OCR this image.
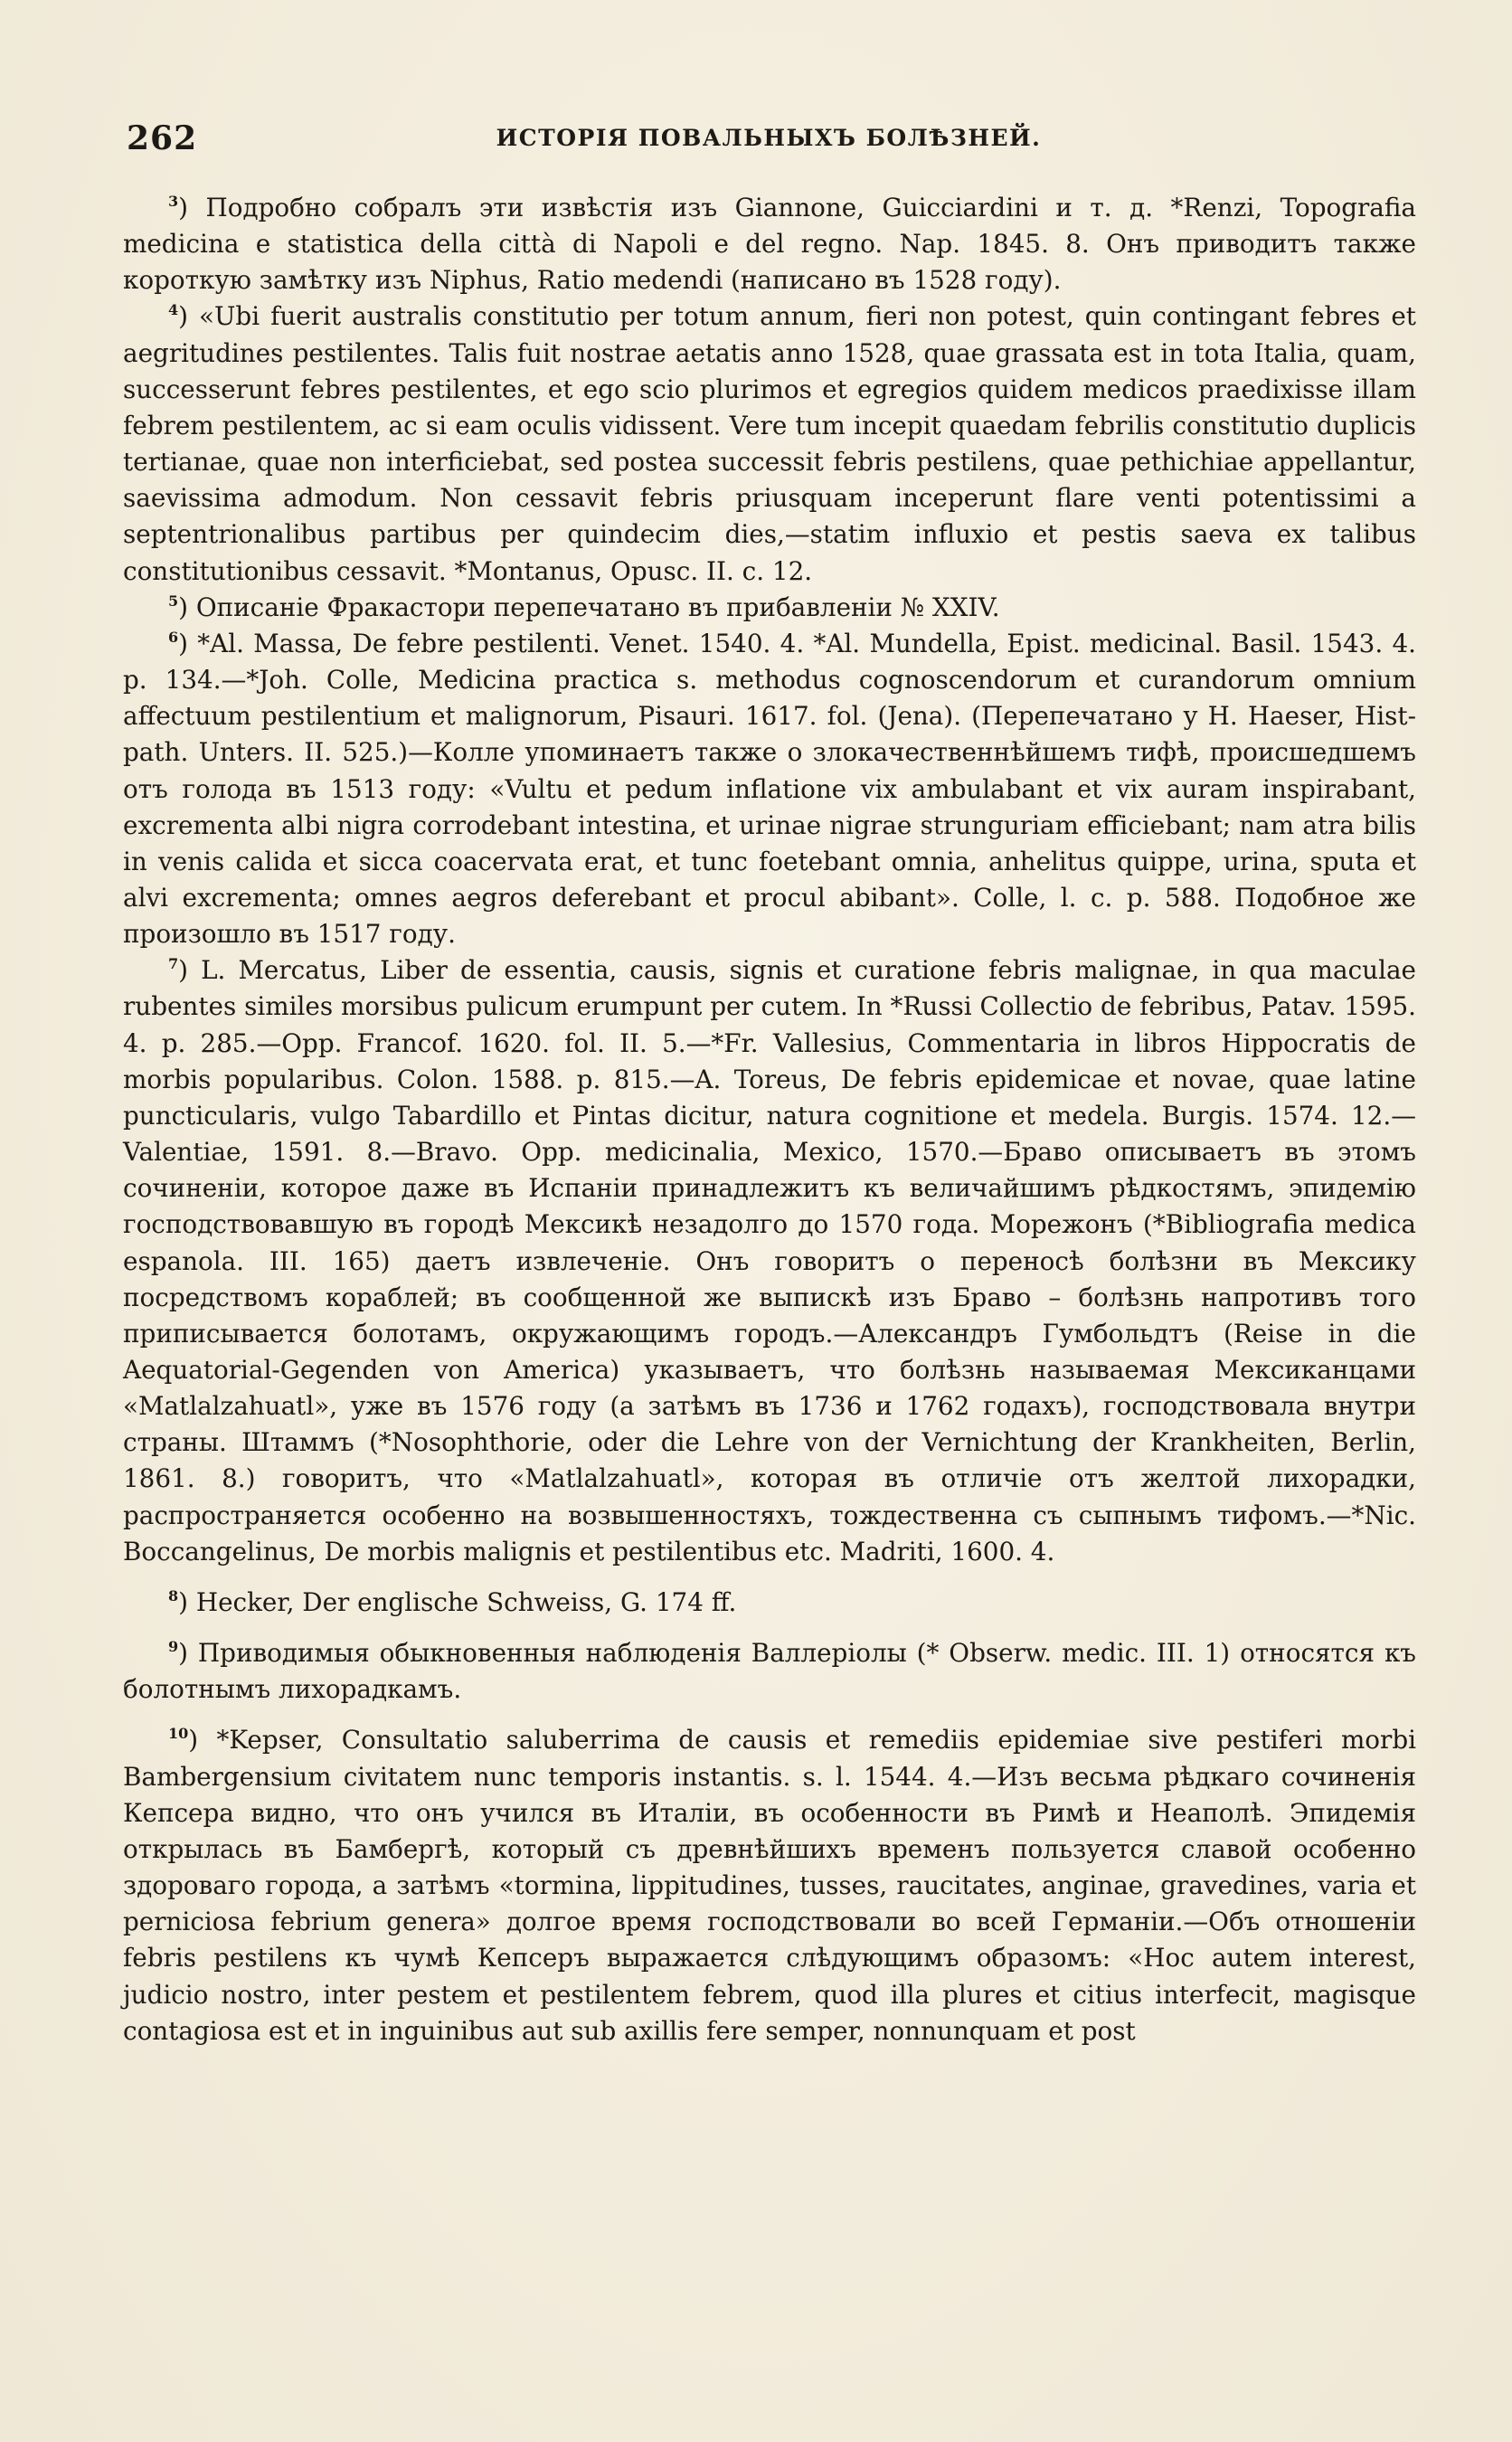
262	ИСТОРІЯ ПОВАЛЬНЫХЪ БОЛѢЗНЕЙ.

$^3$) Подробно собралъ эти извѣстія изъ Giannone, Guicciardini и т. д. *Renzi, Topografia medicina e statistica della città di Napoli e del regno. Nap. 1845. 8. Онъ приводитъ также короткую замѣтку изъ Niphus, Ratio medendi (написано въ 1528 году).

$^4$) «Ubi fuerit australis constitutio per totum annum, fieri non potest, quin contingant febres et aegritudines pestilentes. Talis fuit nostrae aetatis anno 1528, quae grassata est in tota Italia, quam, successerunt febres pestilentes, et ego scio plurimos et egregios quidem medicos praedixisse illam febrem pestilentem, ac si eam oculis vidissent. Vere tum incepit quaedam febrilis constitutio duplicis tertianae, quae non interficiebat, sed postea successit febris pestilens, quae pethichiae appellantur, saevissima admodum. Non cessavit febris priusquam inceperunt flare venti potentissimi a septentrionalibus partibus per quindecim dies,—statim influxio et pestis saeva ex talibus constitutionibus cessavit. *Montanus, Opusc. II. c. 12.

$^5$) Описаніе Фракастори перепечатано въ прибавленіи № XXIV.

$^6$) *Al. Massa, De febre pestilenti. Venet. 1540. 4. *Al. Mundella, Epist. medicinal. Basil. 1543. 4. p. 134.—*Joh. Colle, Medicina practica s. methodus cognoscendorum et curandorum omnium affectuum pestilentium et malignorum, Pisauri. 1617. fol. (Jena). (Перепечатано у H. Haeser, Hist-path. Unters. II. 525.)—Колле упоминаетъ также о злокачественнѣйшемъ тифѣ, происшедшемъ отъ голода въ 1513 году: «Vultu et pedum inflatione vix ambulabant et vix auram inspirabant, excrementa albi nigra corrodebant intestina, et urinae nigrae strunguriam efficiebant; nam atra bilis in venis calida et sicca coacervata erat, et tunc foetebant omnia, anhelitus quippe, urina, sputa et alvi excrementa; omnes aegros deferebant et procul abibant». Colle, l. c. p. 588. Подобное же произошло въ 1517 году.

$^7$) L. Mercatus, Liber de essentia, causis, signis et curatione febris malignae, in qua maculae rubentes similes morsibus pulicum erumpunt per cutem. In *Russi Collectio de febribus, Patav. 1595. 4. p. 285.—Opp. Francof. 1620. fol. II. 5.—*Fr. Vallesius, Commentaria in libros Hippocratis de morbis popularibus. Colon. 1588. p. 815.—A. Toreus, De febris epidemicae et novae, quae latine puncticularis, vulgo Tabardillo et Pintas dicitur, natura cognitione et medela. Burgis. 1574. 12.—Valentiae, 1591. 8.—Bravo. Opp. medicinalia, Mexico, 1570.—Браво описываетъ въ этомъ сочиненіи, которое даже въ Испаніи принадлежитъ къ величайшимъ рѣдкостямъ, эпидемію господствовавшую въ городѣ Мексикѣ незадолго до 1570 года. Морежонъ (*Bibliografia medica espanola. III. 165) даетъ извлеченіе. Онъ говоритъ о переносѣ болѣзни въ Мексику посредствомъ кораблей; въ сообщенной же выпискѣ изъ Браво – болѣзнь напротивъ того приписывается болотамъ, окружающимъ городъ.—Александръ Гумбольдтъ (Reise in die Aequatorial-Gegenden von America) указываетъ, что болѣзнь называемая Мексиканцами «Matlalzahuatl», уже въ 1576 году (а затѣмъ въ 1736 и 1762 годахъ), господствовала внутри страны. Штаммъ (*Nosophthorie, oder die Lehre von der Vernichtung der Krankheiten, Berlin, 1861. 8.) говоритъ, что «Matlalzahuatl», которая въ отличіе отъ желтой лихорадки, распространяется особенно на возвышенностяхъ, тождественна съ сыпнымъ тифомъ.—*Nic. Boccangelinus, De morbis malignis et pestilentibus etc. Madriti, 1600. 4.

$^8$) Hecker, Der englische Schweiss, G. 174 ff.

$^9$) Приводимыя обыкновенныя наблюденія Валлеріолы (* Obserw. medic. III. 1) относятся къ болотнымъ лихорадкамъ.

$^{10}$) *Kepser, Consultatio saluberrima de causis et remediis epidemiae sive pestiferi morbi Bambergensium civitatem nunc temporis instantis. s. l. 1544. 4.—Изъ весьма рѣдкаго сочиненія Кепсера видно, что онъ учился въ Италіи, въ особенности въ Римѣ и Неаполѣ. Эпидемія открылась въ Бамбергѣ, который съ древнѣйшихъ временъ пользуется славой особенно здороваго города, а затѣмъ «tormina, lippitudines, tusses, raucitates, anginae, gravedines, varia et perniciosa febrium genera» долгое время господствовали во всей Германіи.—Объ отношеніи febris pestilens къ чумѣ Кепсеръ выражается слѣдующимъ образомъ: «Hoc autem interest, judicio nostro, inter pestem et pestilentem febrem, quod illa plures et citius interfecit, magisque contagiosa est et in inguinibus aut sub axillis fere semper, nonnunquam et post
